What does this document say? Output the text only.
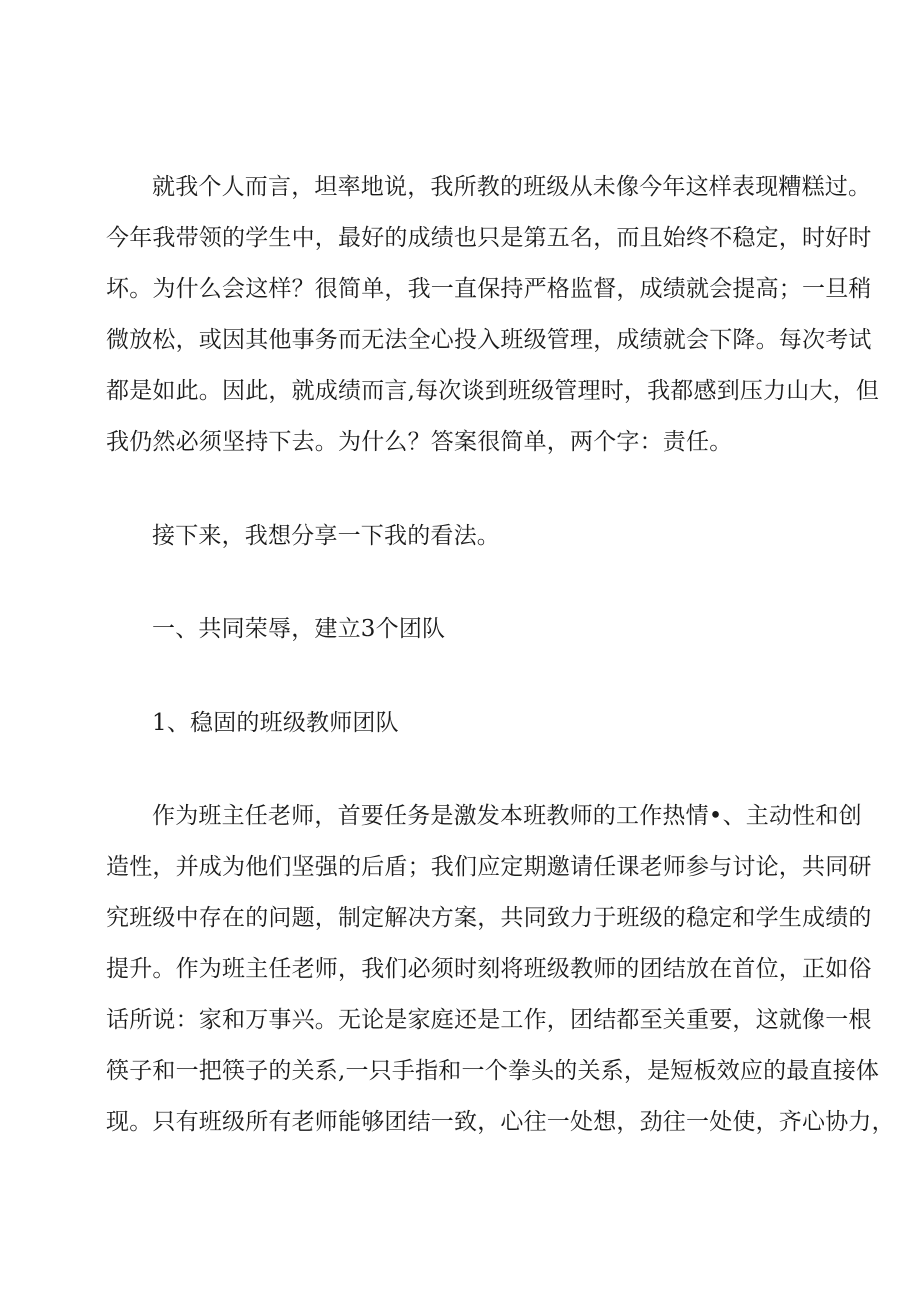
就我个人而言，坦率地说，我所教的班级从未像今年这样表现糟糕过。
今年我带领的学生中，最好的成绩也只是第五名，而且始终不稳定，时好时
坏。为什么会这样？很简单，我一直保持严格监督，成绩就会提高；一旦稍
微放松，或因其他事务而无法全心投入班级管理，成绩就会下降。每次考试
都是如此。因此，就成绩而言,每次谈到班级管理时，我都感到压力山大，但
我仍然必须坚持下去。为什么？答案很简单，两个字：责任。
接下来，我想分享一下我的看法。
一、共同荣辱，建立3个团队
1、稳固的班级教师团队
作为班主任老师，首要任务是激发本班教师的工作热情•、主动性和创
造性，并成为他们坚强的后盾；我们应定期邀请任课老师参与讨论，共同研
究班级中存在的问题，制定解决方案，共同致力于班级的稳定和学生成绩的
提升。作为班主任老师，我们必须时刻将班级教师的团结放在首位，正如俗
话所说：家和万事兴。无论是家庭还是工作，团结都至关重要，这就像一根
筷子和一把筷子的关系,一只手指和一个拳头的关系，是短板效应的最直接体
现。只有班级所有老师能够团结一致，心往一处想，劲往一处使，齐心协力，
